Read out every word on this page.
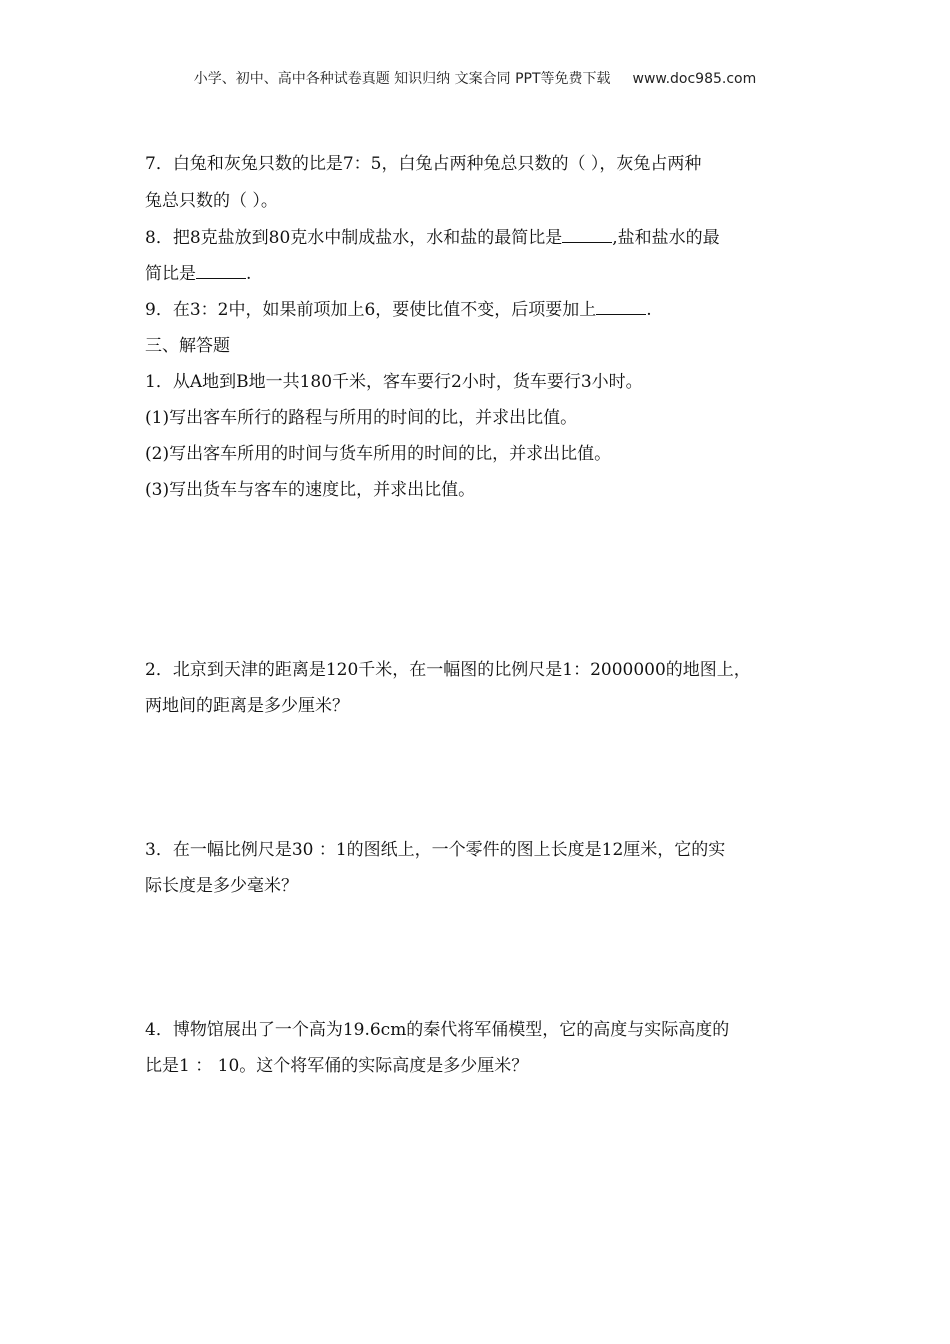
小学、初中、高中各种试卷真题 知识归纳 文案合同 PPT等免费下载 www.doc985.com
7．白兔和灰兔只数的比是7：5，白兔占两种兔总只数的（ ），灰兔占两种
兔总只数的（ ）。
8．把8克盐放到80克水中制成盐水，水和盐的最简比是	,盐和盐水的最
简比是	.
9．在3：2中，如果前项加上6，要使比值不变，后项要加上	.
三、解答题
1．从A地到B地一共180千米，客车要行2小时，货车要行3小时。
(1)写出客车所行的路程与所用的时间的比，并求出比值。
(2)写出客车所用的时间与货车所用的时间的比，并求出比值。
(3)写出货车与客车的速度比，并求出比值。
2．北京到天津的距离是120千米，在一幅图的比例尺是1：2000000的地图上，
两地间的距离是多少厘米？
3．在一幅比例尺是30 ：1的图纸上，一个零件的图上长度是12厘米，它的实
际长度是多少毫米？
4．博物馆展出了一个高为19.6cm的秦代将军俑模型，它的高度与实际高度的
比是1 ： 10。这个将军俑的实际高度是多少厘米？
